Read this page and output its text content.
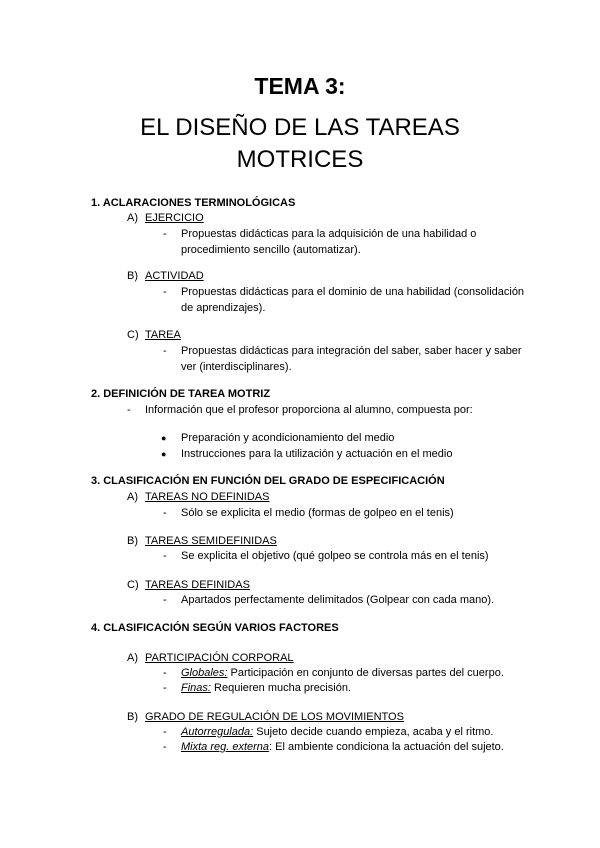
TEMA 3:
EL DISEÑO DE LAS TAREAS
MOTRICES
1. ACLARACIONES TERMINOLÓGICAS
A) EJERCICIO
- Propuestas didácticas para la adquisición de una habilidad o procedimiento sencillo (automatizar).
B) ACTIVIDAD
- Propuestas didácticas para el dominio de una habilidad (consolidación de aprendizajes).
C) TAREA
- Propuestas didácticas para integración del saber, saber hacer y saber ver (interdisciplinares).
2. DEFINICIÓN DE TAREA MOTRIZ
- Información que el profesor proporciona al alumno, compuesta por:
● Preparación y acondicionamiento del medio
● Instrucciones para la utilización y actuación en el medio
3. CLASIFICACIÓN EN FUNCIÓN DEL GRADO DE ESPECIFICACIÓN
A) TAREAS NO DEFINIDAS
- Sólo se explicita el medio (formas de golpeo en el tenis)
B) TAREAS SEMIDEFINIDAS
- Se explicita el objetivo (qué golpeo se controla más en el tenis)
C) TAREAS DEFINIDAS
- Apartados perfectamente delimitados (Golpear con cada mano).
4. CLASIFICACIÓN SEGÚN VARIOS FACTORES
A) PARTICIPACIÓN CORPORAL
- Globales: Participación en conjunto de diversas partes del cuerpo.
- Finas: Requieren mucha precisión.
B) GRADO DE REGULACIÓN DE LOS MOVIMIENTOS
- Autorregulada: Sujeto decide cuando empieza, acaba y el ritmo.
- Mixta reg. externa: El ambiente condiciona la actuación del sujeto.
